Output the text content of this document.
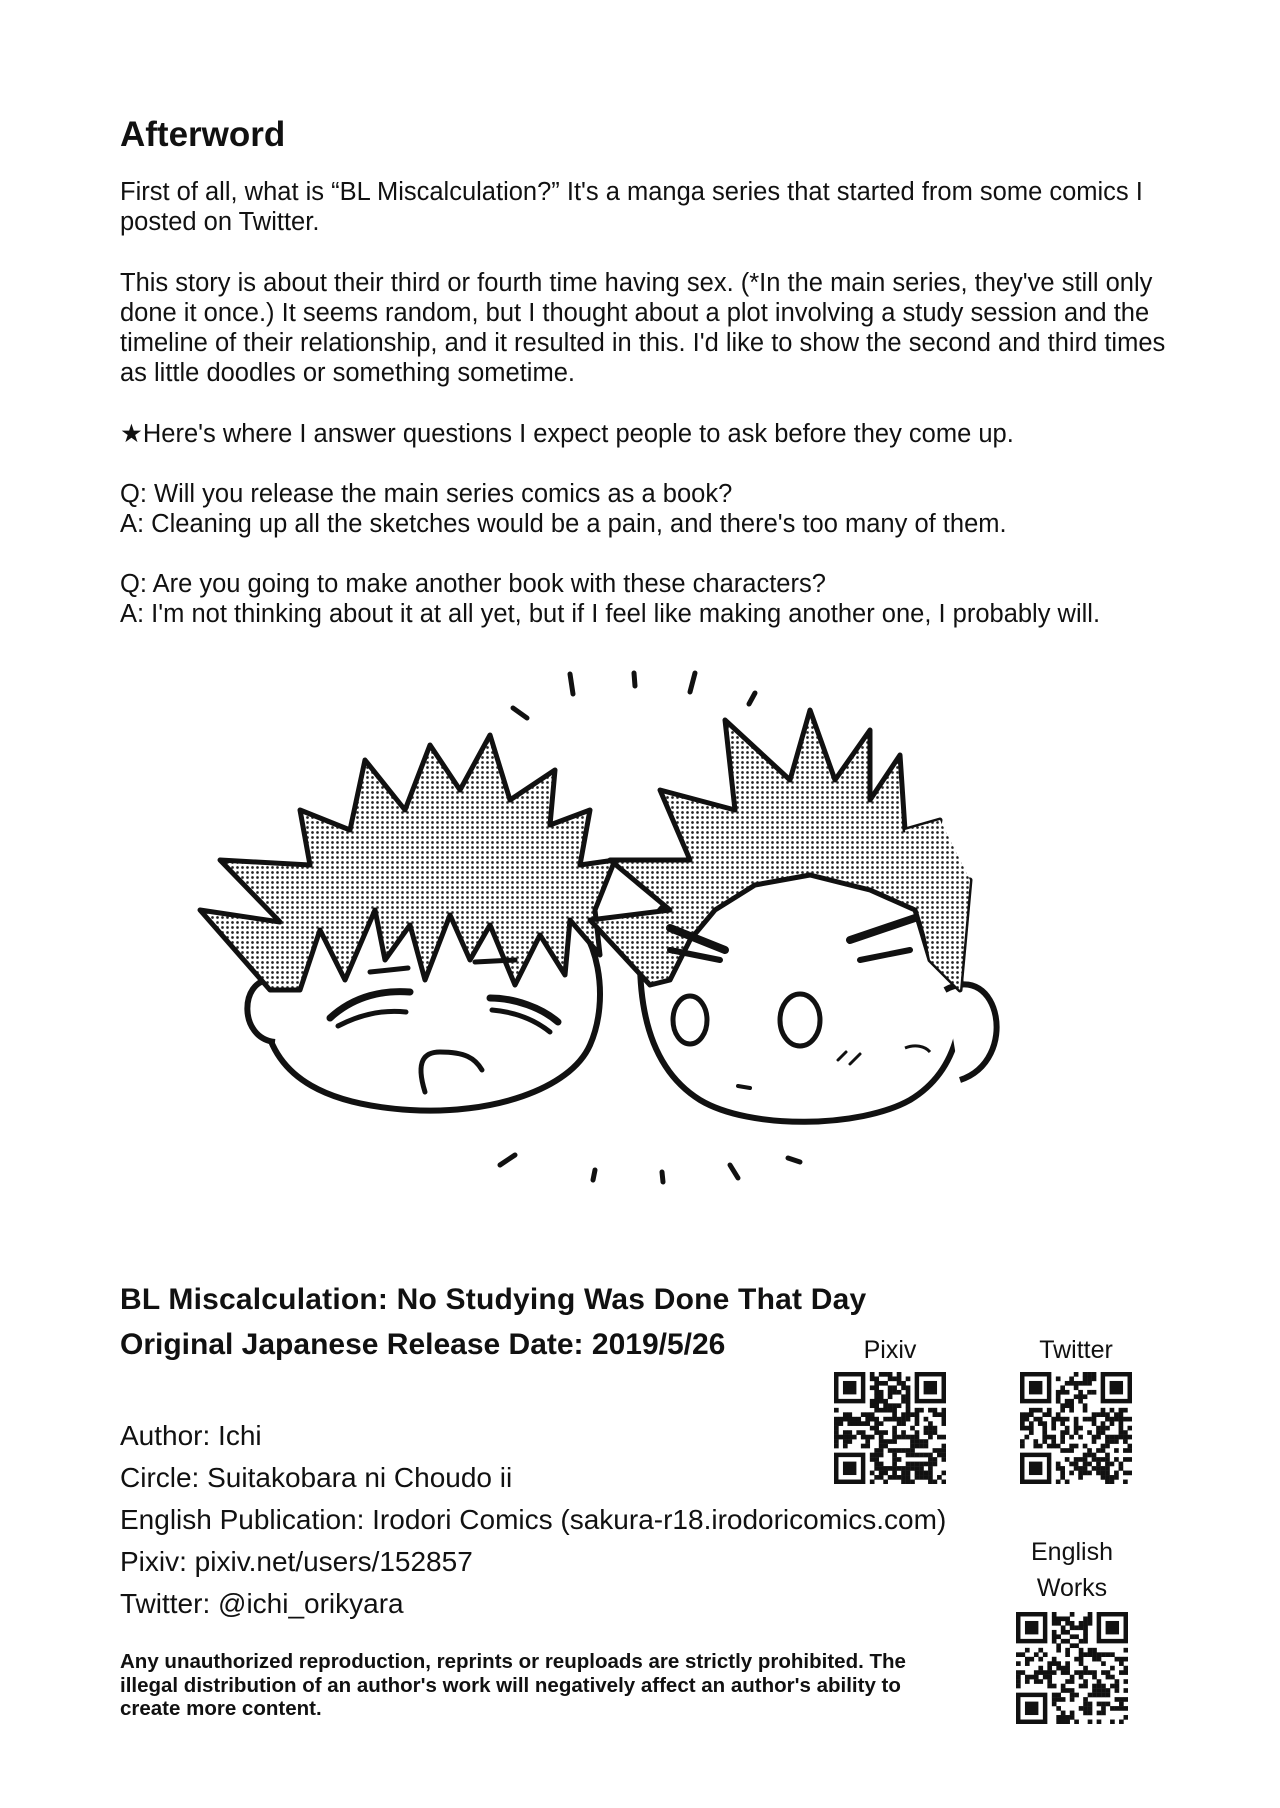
Afterword

First of all, what is “BL Miscalculation?” It's a manga series that started from some comics I posted on Twitter.

This story is about their third or fourth time having sex. (*In the main series, they've still only done it once.) It seems random, but I thought about a plot involving a study session and the timeline of their relationship, and it resulted in this. I'd like to show the second and third times as little doodles or something sometime.

★Here's where I answer questions I expect people to ask before they come up.

Q: Will you release the main series comics as a book?

A: Cleaning up all the sketches would be a pain, and there's too many of them.

Q: Are you going to make another book with these characters?

A: I'm not thinking about it at all yet, but if I feel like making another one, I probably will.

BL Miscalculation: No Studying Was Done That Day
Original Japanese Release Date: 2019/5/26

Author: Ichi

Circle: Suitakobara ni Choudo ii

English Publication: Irodori Comics (sakura-r18.irodoricomics.com)

Pixiv: pixiv.net/users/152857

Twitter: @ichi_orikyara

Any unauthorized reproduction, reprints or reuploads are strictly prohibited. The illegal distribution of an author's work will negatively affect an author's ability to create more content.

Pixiv	Twitter

English

Works
